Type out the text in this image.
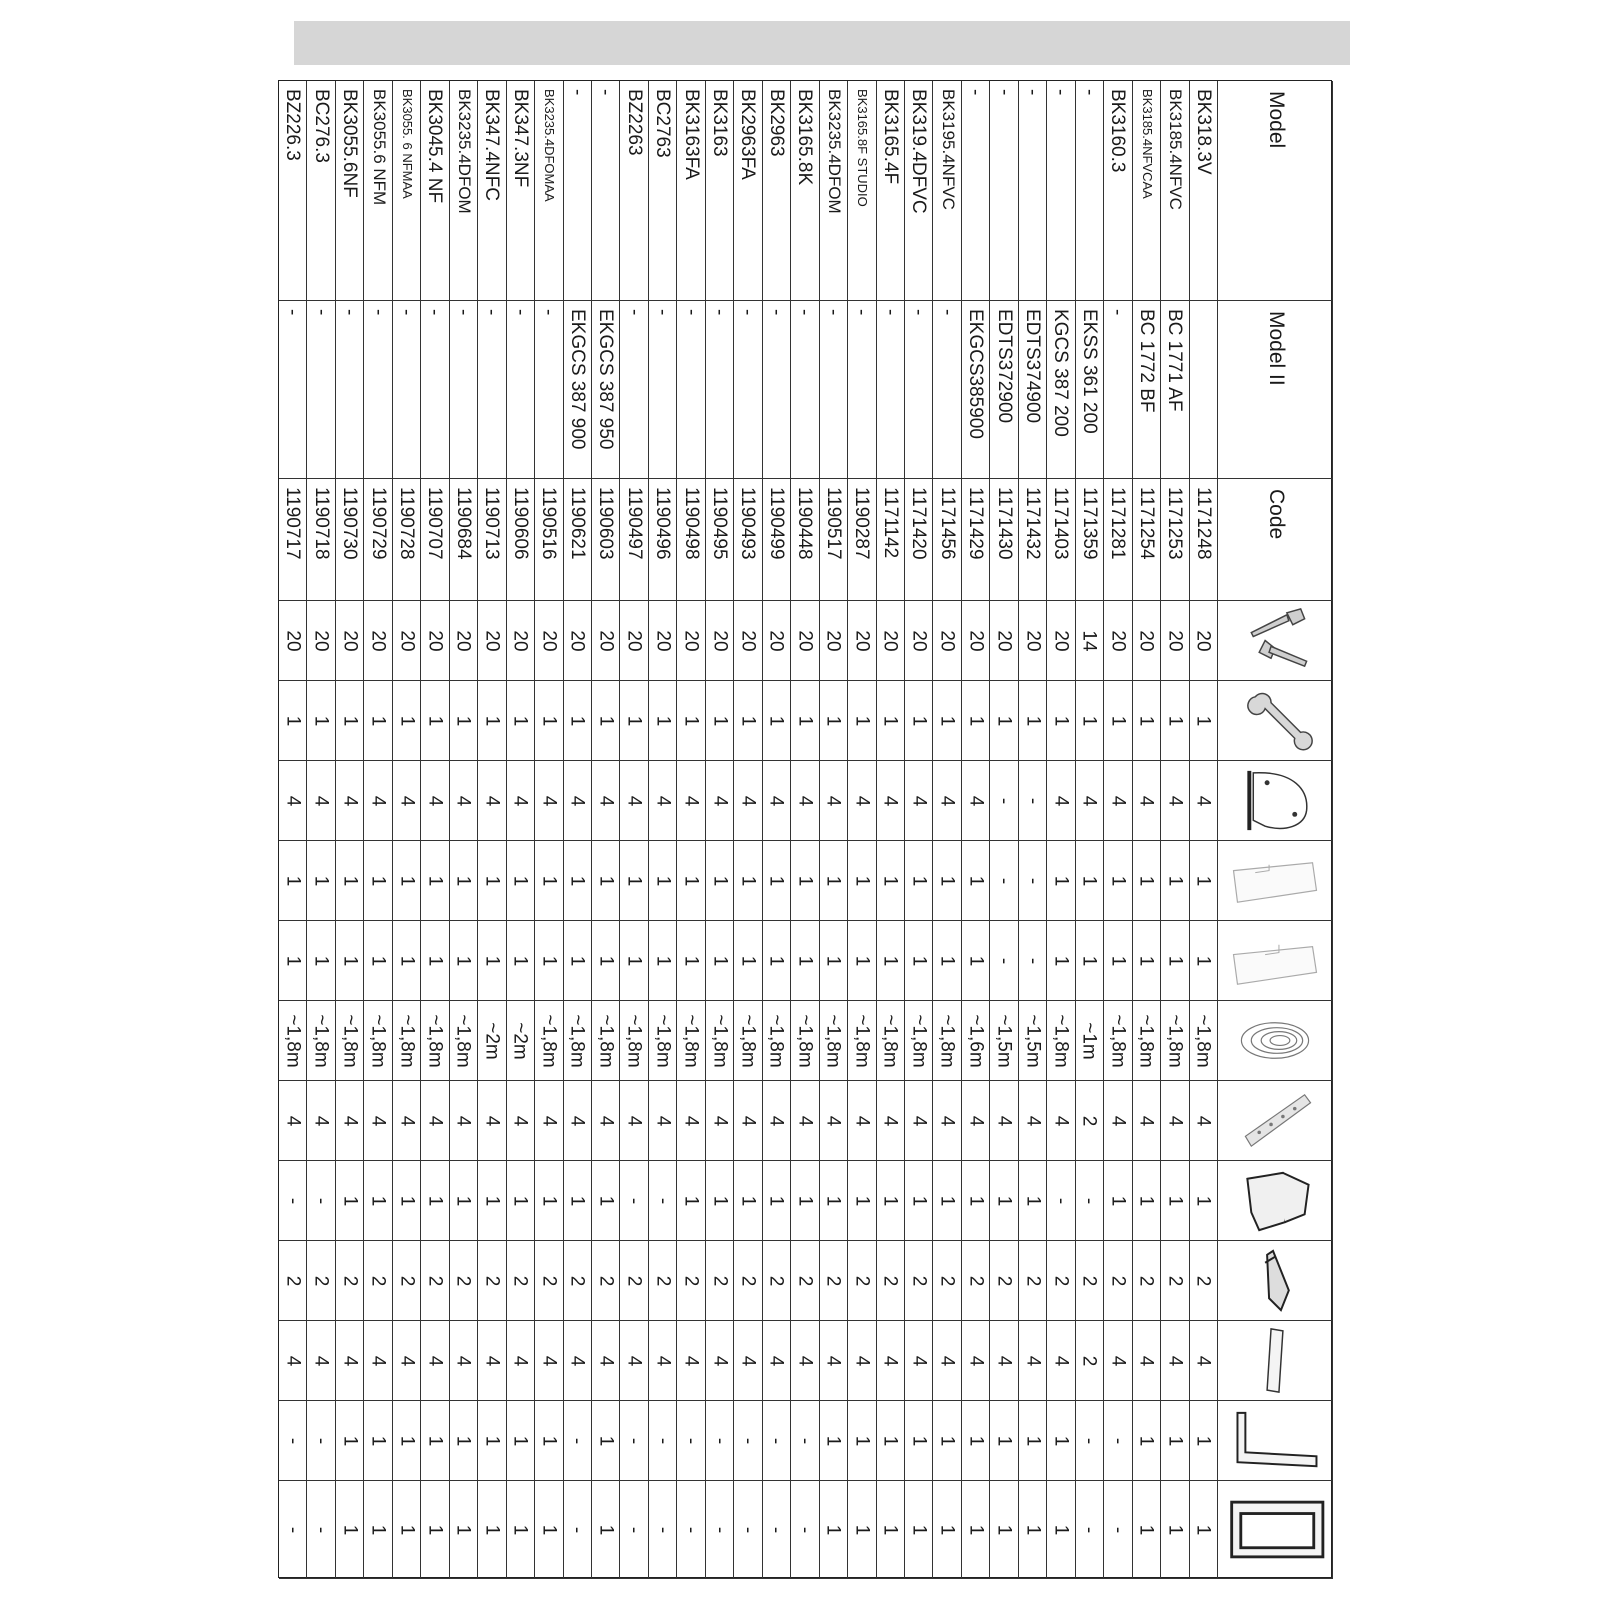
Model
Model II
Code
BK318.3V
1171248
20
1
4
1
1
~1,8m
4
1
2
4
1
1
BK3185.4NFVC
BC 1771 AF
1171253
20
1
4
1
1
~1,8m
4
1
2
4
1
1
BK3185.4NFVCAA
BC 1772 BF
1171254
20
1
4
1
1
~1,8m
4
1
2
4
1
1
BK3160.3
-
1171281
20
1
4
1
1
~1,8m
4
1
2
4
-
-
-
EKSS 361 200
1171359
14
1
4
1
1
~1m
2
-
2
2
-
-
-
KGCS 387 200
1171403
20
1
4
1
1
~1,8m
4
-
2
4
1
1
-
EDTS374900
1171432
20
1
-
-
-
~1,5m
4
1
2
4
1
1
-
EDTS372900
1171430
20
1
-
-
-
~1,5m
4
1
2
4
1
1
-
EKGCS385900
1171429
20
1
4
1
1
~1,6m
4
1
2
4
1
1
BK3195.4NFVC
-
1171456
20
1
4
1
1
~1,8m
4
1
2
4
1
1
BK319.4DFVC
-
1171420
20
1
4
1
1
~1,8m
4
1
2
4
1
1
BK3165.4F
-
1171142
20
1
4
1
1
~1,8m
4
1
2
4
1
1
BK3165.8F STUDIO
-
1190287
20
1
4
1
1
~1,8m
4
1
2
4
1
1
BK3235.4DFOM
-
1190517
20
1
4
1
1
~1,8m
4
1
2
4
1
1
BK3165.8K
-
1190448
20
1
4
1
1
~1,8m
4
1
2
4
-
-
BK2963
-
1190499
20
1
4
1
1
~1,8m
4
1
2
4
-
-
BK2963FA
-
1190493
20
1
4
1
1
~1,8m
4
1
2
4
-
-
BK3163
-
1190495
20
1
4
1
1
~1,8m
4
1
2
4
-
-
BK3163FA
-
1190498
20
1
4
1
1
~1,8m
4
1
2
4
-
-
BC2763
-
1190496
20
1
4
1
1
~1,8m
4
-
2
4
-
-
BZ2263
-
1190497
20
1
4
1
1
~1,8m
4
-
2
4
-
-
-
EKGCS 387 950
1190603
20
1
4
1
1
~1,8m
4
1
2
4
1
1
-
EKGCS 387 900
1190621
20
1
4
1
1
~1,8m
4
1
2
4
-
-
BK3235.4DFOMAA
-
1190516
20
1
4
1
1
~1,8m
4
1
2
4
1
1
BK347.3NF
-
1190606
20
1
4
1
1
~2m
4
1
2
4
1
1
BK347.4NFC
-
1190713
20
1
4
1
1
~2m
4
1
2
4
1
1
BK3235.4DFOM
-
1190684
20
1
4
1
1
~1,8m
4
1
2
4
1
1
BK3045.4 NF
-
1190707
20
1
4
1
1
~1,8m
4
1
2
4
1
1
BK3055. 6 NFMAA
-
1190728
20
1
4
1
1
~1,8m
4
1
2
4
1
1
BK3055.6 NFM
-
1190729
20
1
4
1
1
~1,8m
4
1
2
4
1
1
BK3055.6NF
-
1190730
20
1
4
1
1
~1,8m
4
1
2
4
1
1
BC276.3
-
1190718
20
1
4
1
1
~1,8m
4
-
2
4
-
-
BZ226.3
-
1190717
20
1
4
1
1
~1,8m
4
-
2
4
-
-
